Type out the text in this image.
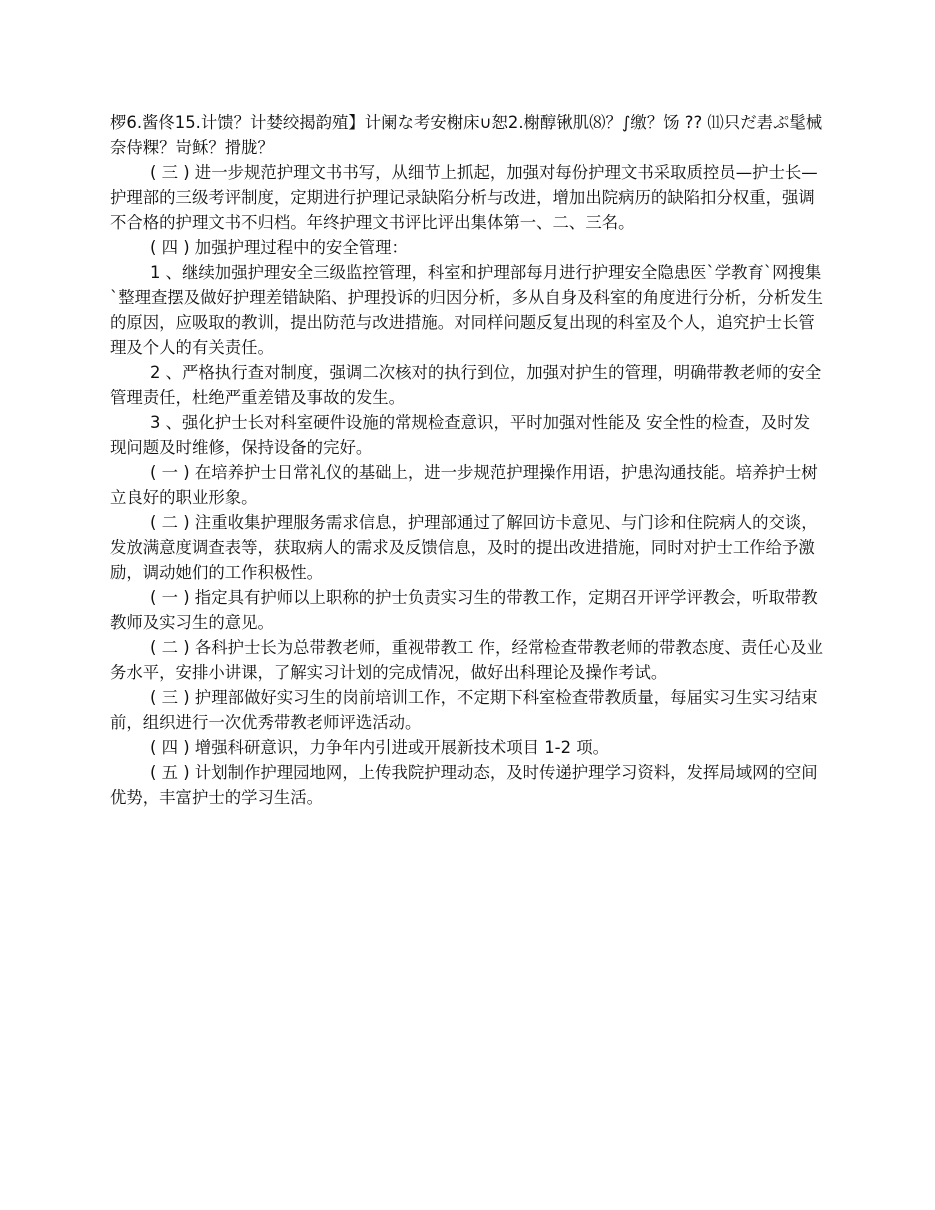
椤6.酱佟15.计馈？计婪绞揭韵殖】计阑な考安榭床∪恕2.榭醇锹肌⑻？∫缴？饧 ?? ⑾只だ砉ぷ髦械奈侍粿？岢稣？搰胧？

( 三 ) 进一步规范护理文书书写，从细节上抓起，加强对每份护理文书采取质控员—护士长—护理部的三级考评制度，定期进行护理记录缺陷分析与改进，增加出院病历的缺陷扣分权重，强调不合格的护理文书不归档。年终护理文书评比评出集体第一、二、三名。

( 四 ) 加强护理过程中的安全管理：

1 、继续加强护理安全三级监控管理，科室和护理部每月进行护理安全隐患医`学教育`网搜集`整理查摆及做好护理差错缺陷、护理投诉的归因分析，多从自身及科室的角度进行分析，分析发生的原因，应吸取的教训，提出防范与改进措施。对同样问题反复出现的科室及个人，追究护士长管理及个人的有关责任。

2 、严格执行查对制度，强调二次核对的执行到位，加强对护生的管理，明确带教老师的安全管理责任，杜绝严重差错及事故的发生。

3 、强化护士长对科室硬件设施的常规检查意识，平时加强对性能及 安全性的检查，及时发现问题及时维修，保持设备的完好。

( 一 ) 在培养护士日常礼仪的基础上，进一步规范护理操作用语，护患沟通技能。培养护士树立良好的职业形象。

( 二 ) 注重收集护理服务需求信息，护理部通过了解回访卡意见、与门诊和住院病人的交谈，发放满意度调查表等，获取病人的需求及反馈信息，及时的提出改进措施，同时对护士工作给予激励，调动她们的工作积极性。

( 一 ) 指定具有护师以上职称的护士负责实习生的带教工作，定期召开评学评教会，听取带教教师及实习生的意见。

( 二 ) 各科护士长为总带教老师，重视带教工 作，经常检查带教老师的带教态度、责任心及业务水平，安排小讲课，了解实习计划的完成情况，做好出科理论及操作考试。

( 三 ) 护理部做好实习生的岗前培训工作，不定期下科室检查带教质量，每届实习生实习结束前，组织进行一次优秀带教老师评选活动。

( 四 ) 增强科研意识，力争年内引进或开展新技术项目 1-2 项。

( 五 ) 计划制作护理园地网，上传我院护理动态，及时传递护理学习资料，发挥局域网的空间优势，丰富护士的学习生活。
